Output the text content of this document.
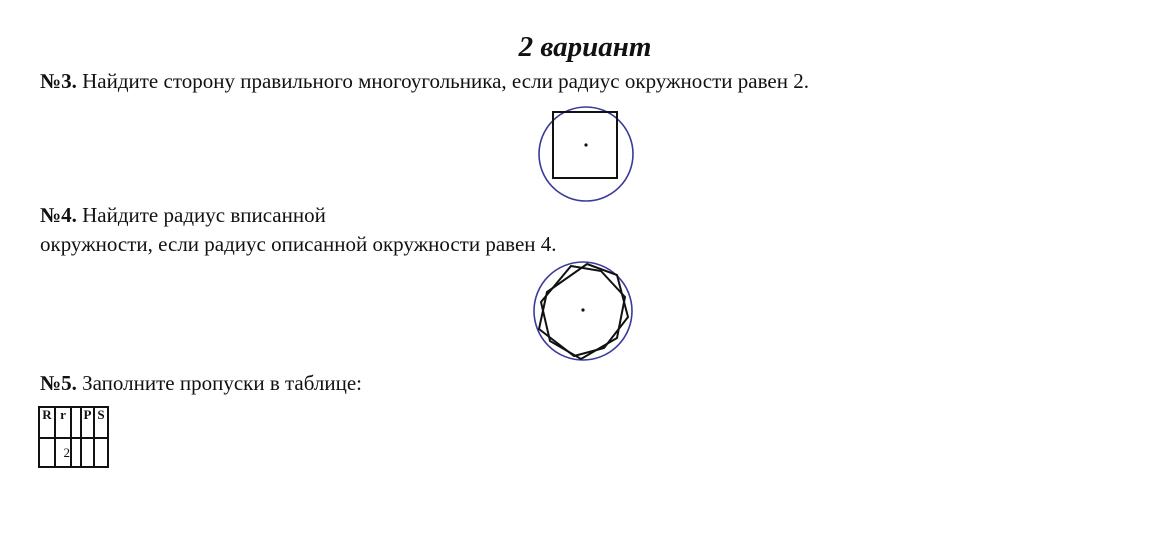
2 вариант
№3. Найдите сторону правильного многоугольника, если радиус окружности равен 2.
№4. Найдите радиус вписанной
окружности, если радиус описанной окружности равен 4.
№5. Заполните пропуски в таблице:
R	r		P	S
	2			
